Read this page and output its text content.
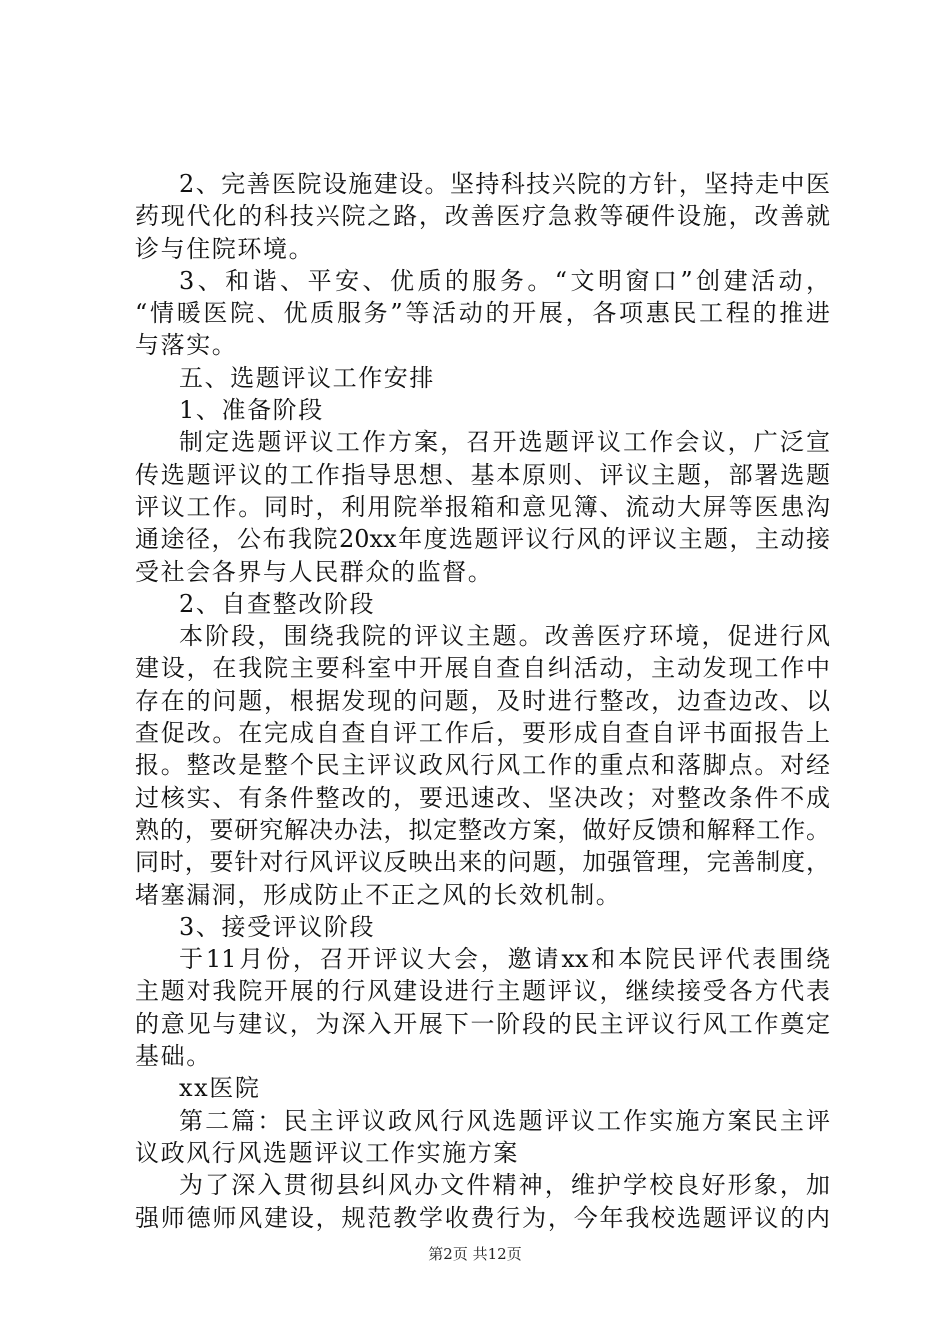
2、完善医院设施建设。坚持科技兴院的方针，坚持走中医
药现代化的科技兴院之路，改善医疗急救等硬件设施，改善就
诊与住院环境。
3、和谐、平安、优质的服务。“文明窗口”创建活动，
“情暖医院、优质服务”等活动的开展，各项惠民工程的推进
与落实。
五、选题评议工作安排
1、准备阶段
制定选题评议工作方案，召开选题评议工作会议，广泛宣
传选题评议的工作指导思想、基本原则、评议主题，部署选题
评议工作。同时，利用院举报箱和意见簿、流动大屏等医患沟
通途径，公布我院20xx年度选题评议行风的评议主题，主动接
受社会各界与人民群众的监督。
2、自查整改阶段
本阶段，围绕我院的评议主题。改善医疗环境，促进行风
建设，在我院主要科室中开展自查自纠活动，主动发现工作中
存在的问题，根据发现的问题，及时进行整改，边查边改、以
查促改。在完成自查自评工作后，要形成自查自评书面报告上
报。整改是整个民主评议政风行风工作的重点和落脚点。对经
过核实、有条件整改的，要迅速改、坚决改；对整改条件不成
熟的，要研究解决办法，拟定整改方案，做好反馈和解释工作。
同时，要针对行风评议反映出来的问题，加强管理，完善制度，
堵塞漏洞，形成防止不正之风的长效机制。
3、接受评议阶段
于11月份，召开评议大会，邀请xx和本院民评代表围绕
主题对我院开展的行风建设进行主题评议，继续接受各方代表
的意见与建议，为深入开展下一阶段的民主评议行风工作奠定
基础。
xx医院
第二篇：民主评议政风行风选题评议工作实施方案民主评
议政风行风选题评议工作实施方案
为了深入贯彻县纠风办文件精神，维护学校良好形象，加
强师德师风建设，规范教学收费行为，今年我校选题评议的内
第2页 共12页
